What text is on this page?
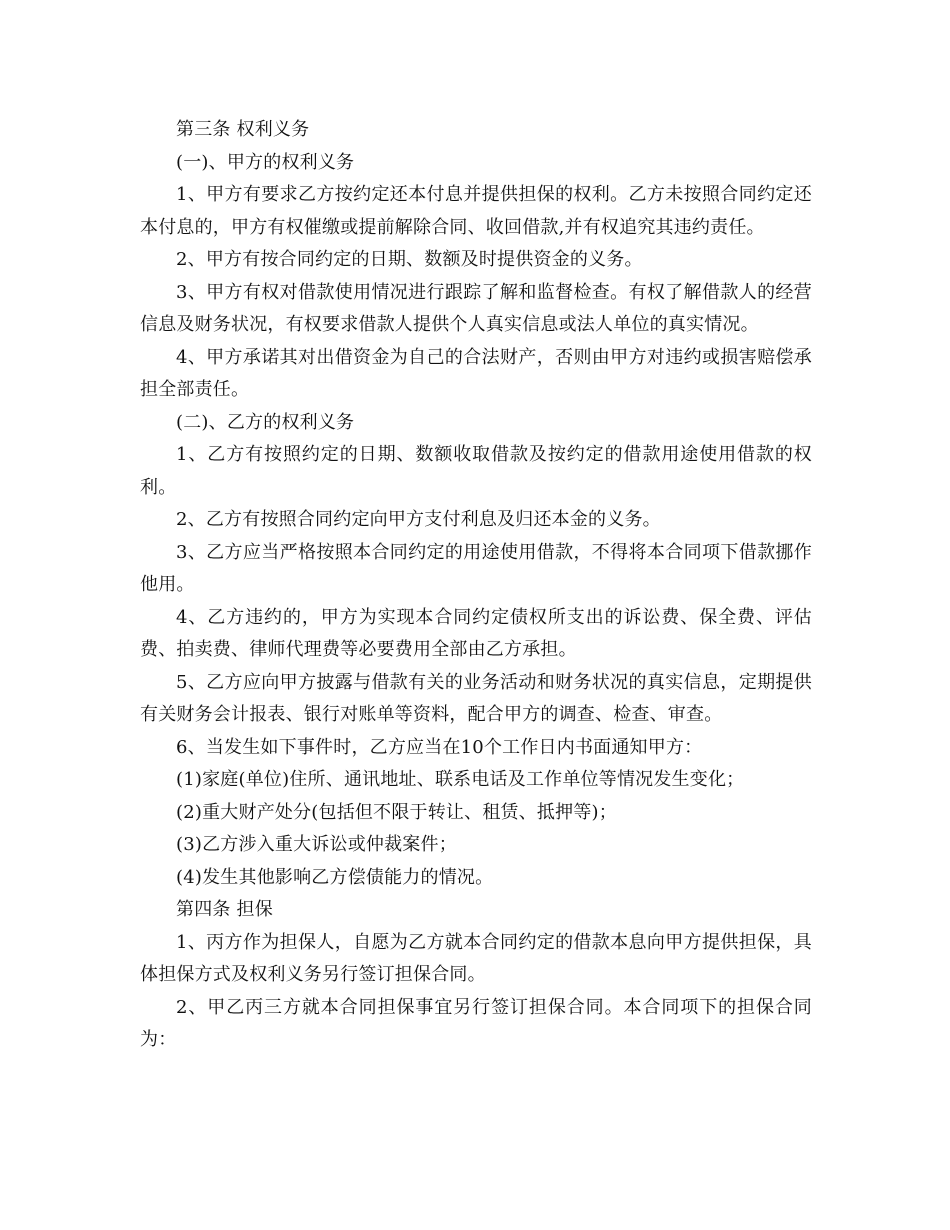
第三条 权利义务

(一)、甲方的权利义务

1、甲方有要求乙方按约定还本付息并提供担保的权利。乙方未按照合同约定还本付息的，甲方有权催缴或提前解除合同、收回借款,并有权追究其违约责任。

2、甲方有按合同约定的日期、数额及时提供资金的义务。

3、甲方有权对借款使用情况进行跟踪了解和监督检查。有权了解借款人的经营信息及财务状况，有权要求借款人提供个人真实信息或法人单位的真实情况。

4、甲方承诺其对出借资金为自己的合法财产，否则由甲方对违约或损害赔偿承担全部责任。

(二)、乙方的权利义务

1、乙方有按照约定的日期、数额收取借款及按约定的借款用途使用借款的权利。

2、乙方有按照合同约定向甲方支付利息及归还本金的义务。

3、乙方应当严格按照本合同约定的用途使用借款，不得将本合同项下借款挪作他用。

4、乙方违约的，甲方为实现本合同约定债权所支出的诉讼费、保全费、评估费、拍卖费、律师代理费等必要费用全部由乙方承担。

5、乙方应向甲方披露与借款有关的业务活动和财务状况的真实信息，定期提供有关财务会计报表、银行对账单等资料，配合甲方的调查、检查、审查。

6、当发生如下事件时，乙方应当在10个工作日内书面通知甲方：

(1)家庭(单位)住所、通讯地址、联系电话及工作单位等情况发生变化；

(2)重大财产处分(包括但不限于转让、租赁、抵押等)；

(3)乙方涉入重大诉讼或仲裁案件；

(4)发生其他影响乙方偿债能力的情况。

第四条 担保

1、丙方作为担保人，自愿为乙方就本合同约定的借款本息向甲方提供担保，具体担保方式及权利义务另行签订担保合同。

2、甲乙丙三方就本合同担保事宜另行签订担保合同。本合同项下的担保合同为：
